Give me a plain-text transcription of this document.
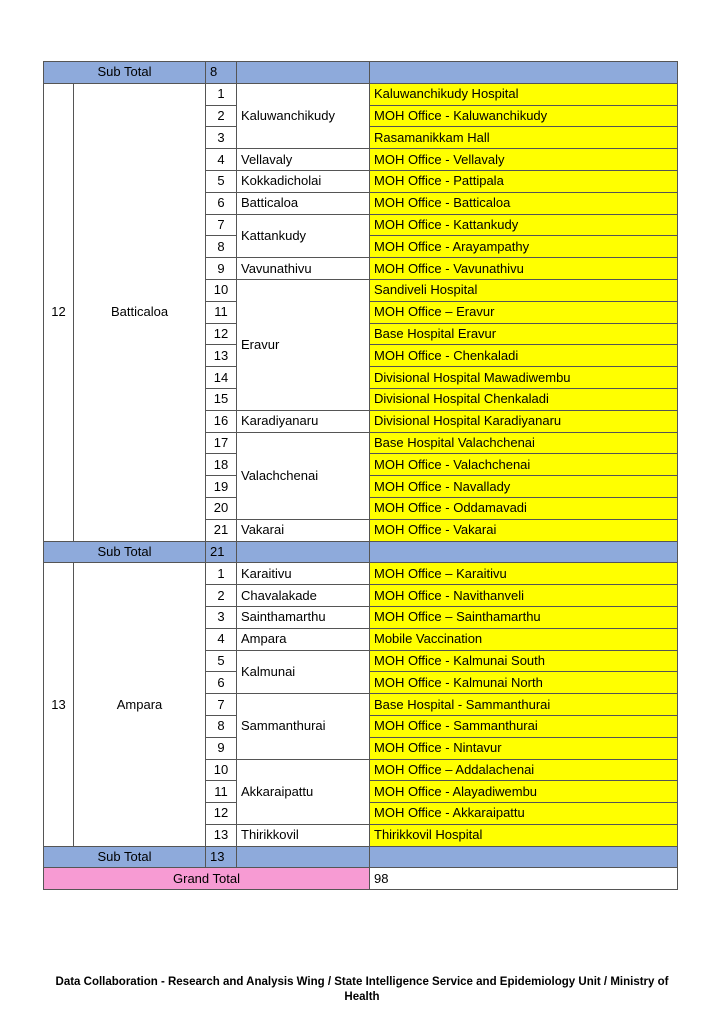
Sub Total		8		
12	Batticaloa	1	Kaluwanchikudy	Kaluwanchikudy Hospital
		2		MOH Office - Kaluwanchikudy
		3		Rasamanikkam Hall
		4	Vellavaly	MOH Office - Vellavaly
		5	Kokkadicholai	MOH Office - Pattipala
		6	Batticaloa	MOH Office - Batticaloa
		7	Kattankudy	MOH Office - Kattankudy
		8		MOH Office - Arayampathy
		9	Vavunathivu	MOH Office - Vavunathivu
		10	Eravur	Sandiveli Hospital
		11		MOH Office – Eravur
		12		Base Hospital Eravur
		13		MOH Office - Chenkaladi
		14		Divisional Hospital Mawadiwembu
		15		Divisional Hospital Chenkaladi
		16	Karadiyanaru	Divisional Hospital Karadiyanaru
		17	Valachchenai	Base Hospital Valachchenai
		18		MOH Office - Valachchenai
		19		MOH Office - Navallady
		20		MOH Office - Oddamavadi
		21	Vakarai	MOH Office - Vakarai
Sub Total		21		
13	Ampara	1	Karaitivu	MOH Office – Karaitivu
		2	Chavalakade	MOH Office - Navithanveli
		3	Sainthamarthu	MOH Office – Sainthamarthu
		4	Ampara	Mobile Vaccination
		5	Kalmunai	MOH Office - Kalmunai South
		6		MOH Office - Kalmunai North
		7	Sammanthurai	Base Hospital - Sammanthurai
		8		MOH Office - Sammanthurai
		9		MOH Office - Nintavur
		10	Akkaraipattu	MOH Office – Addalachenai
		11		MOH Office - Alayadiwembu
		12		MOH Office - Akkaraipattu
		13	Thirikkovil	Thirikkovil Hospital
Sub Total		13		
Grand Total				98
Data Collaboration - Research and Analysis Wing / State Intelligence Service and Epidemiology Unit / Ministry of
Health
